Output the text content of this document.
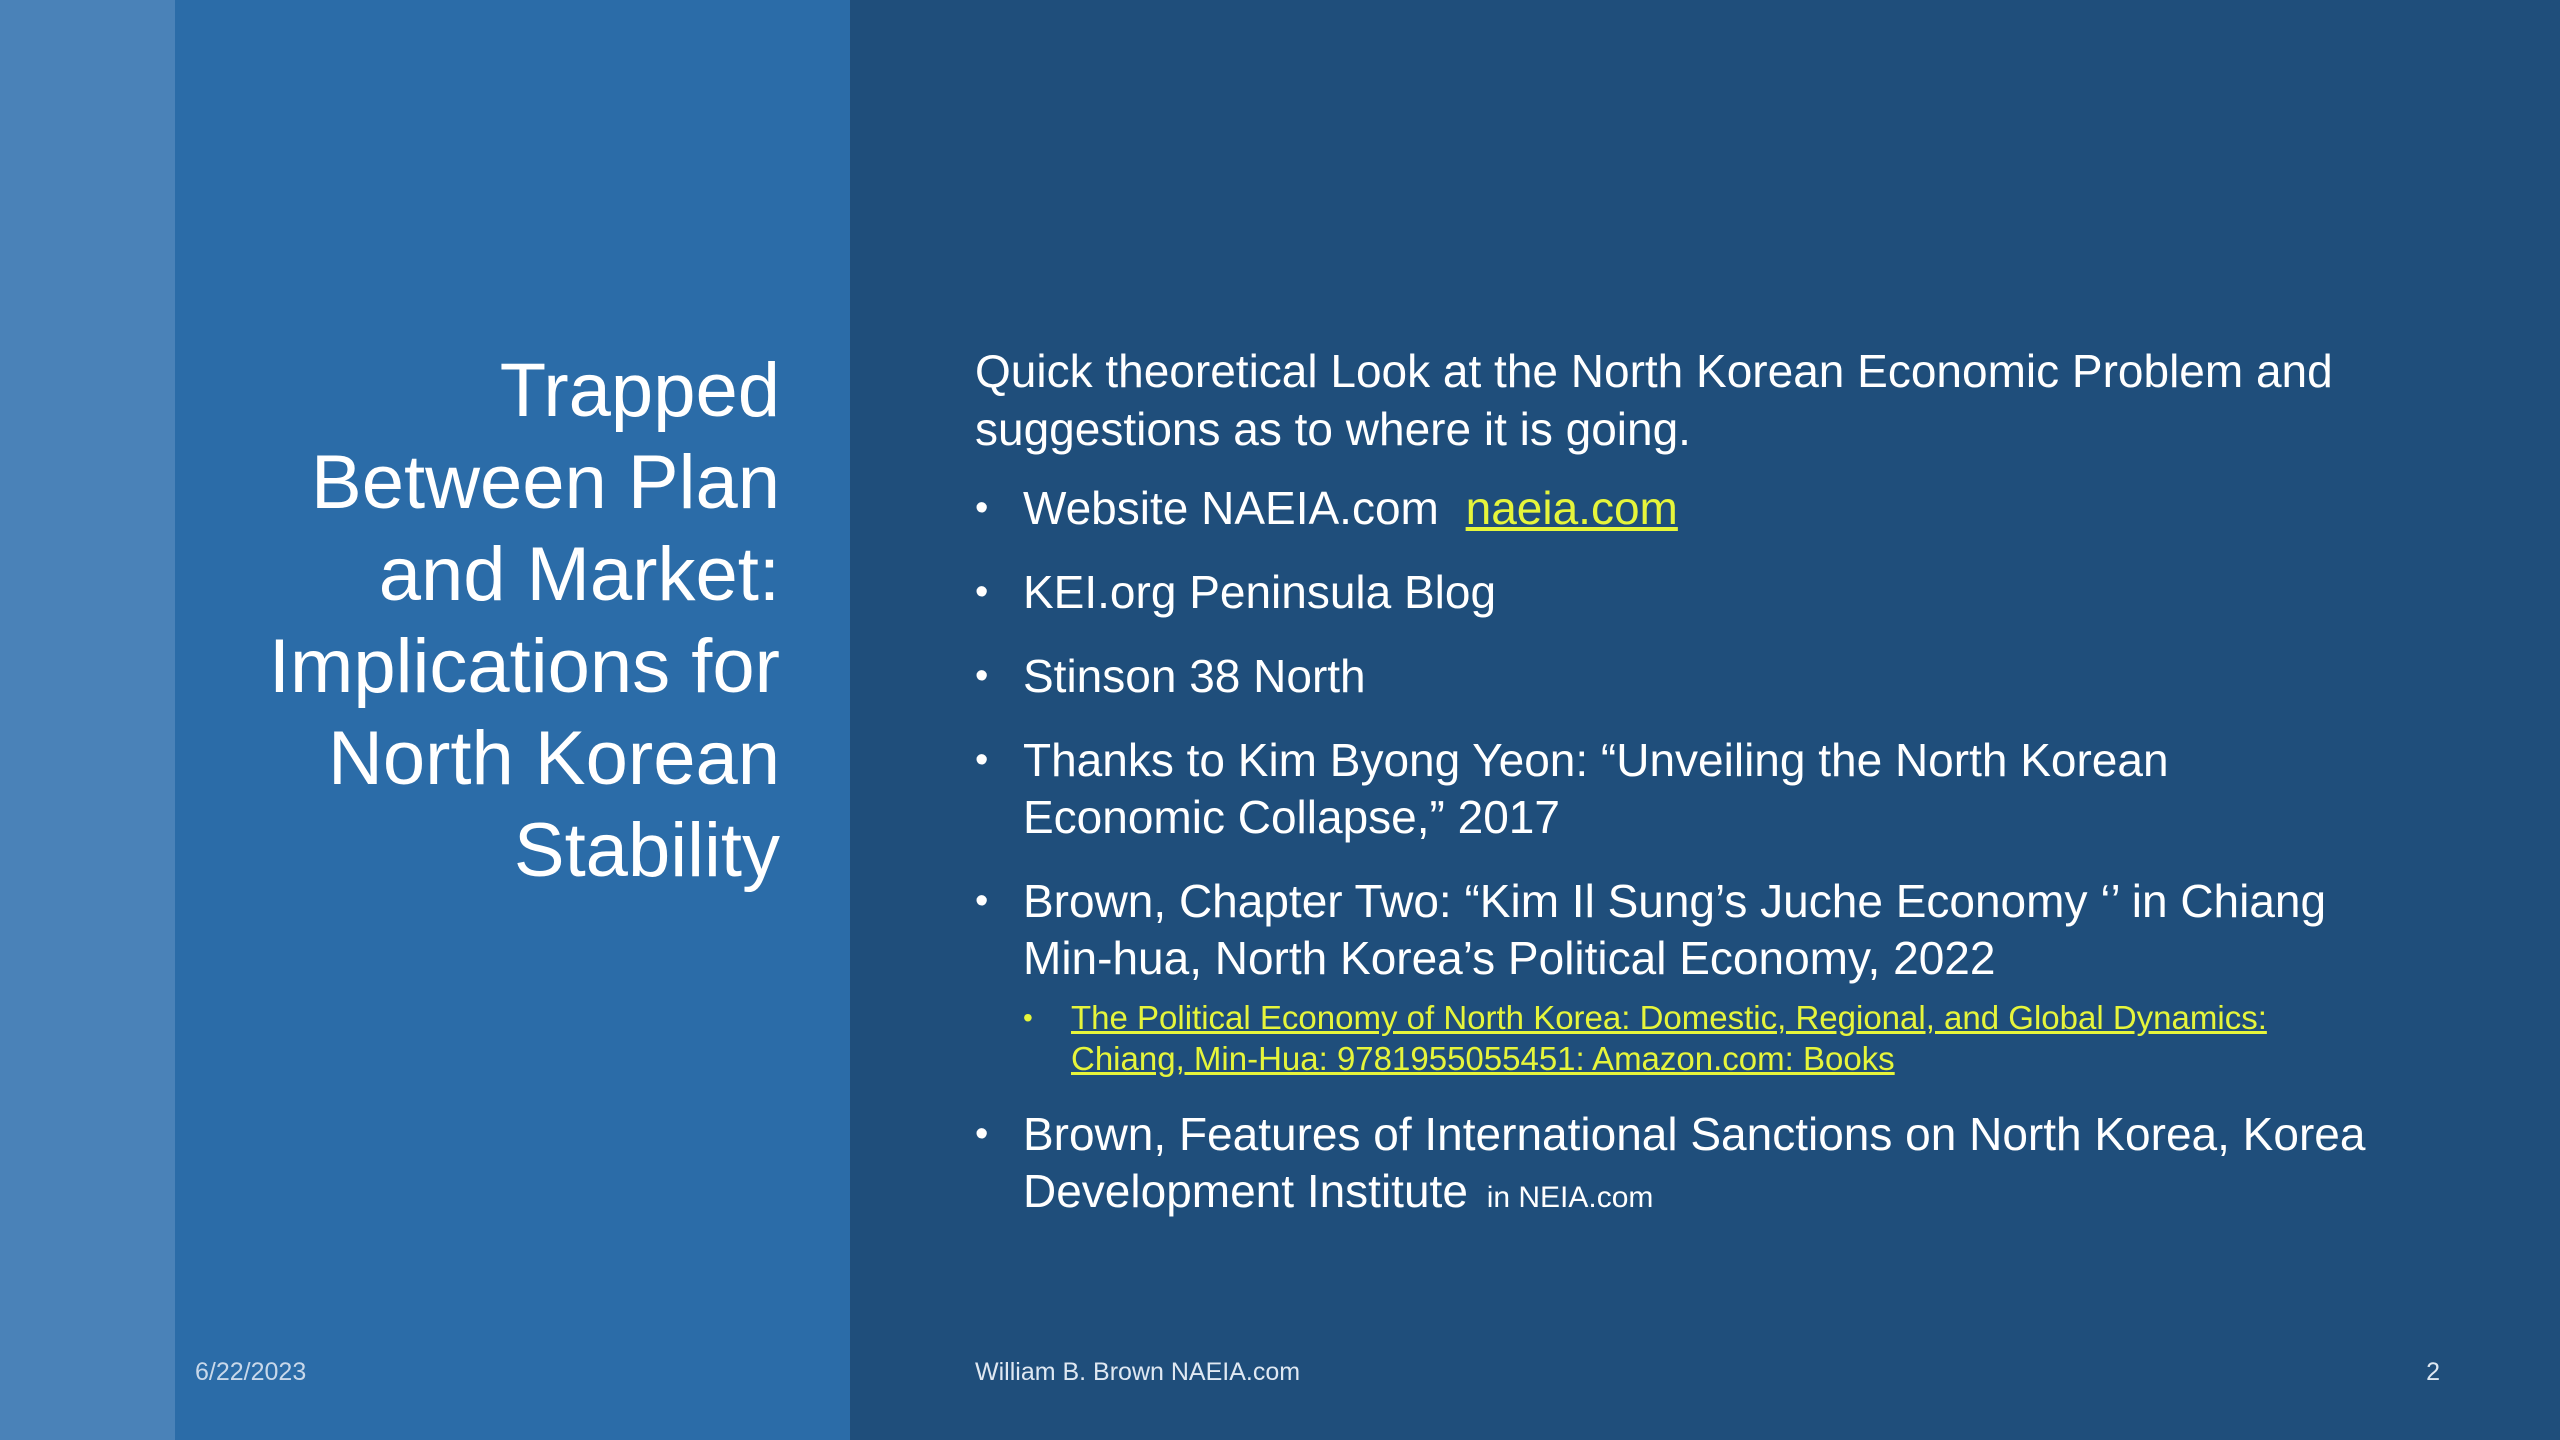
Trapped
Between Plan
and Market:
Implications for
North Korean
Stability
Quick theoretical Look at the North Korean Economic Problem and suggestions as to where it is going.
• Website NAEIA.com naeia.com
• KEI.org Peninsula Blog
• Stinson 38 North
• Thanks to Kim Byong Yeon: “Unveiling the North Korean Economic Collapse,” 2017
• Brown, Chapter Two: “Kim Il Sung’s Juche Economy ‘’ in Chiang Min-hua, North Korea’s Political Economy, 2022
• The Political Economy of North Korea: Domestic, Regional, and Global Dynamics: Chiang, Min-Hua: 9781955055451: Amazon.com: Books
• Brown, Features of International Sanctions on North Korea, Korea Development Institute in NEIA.com
6/22/2023	William B. Brown NAEIA.com	2
